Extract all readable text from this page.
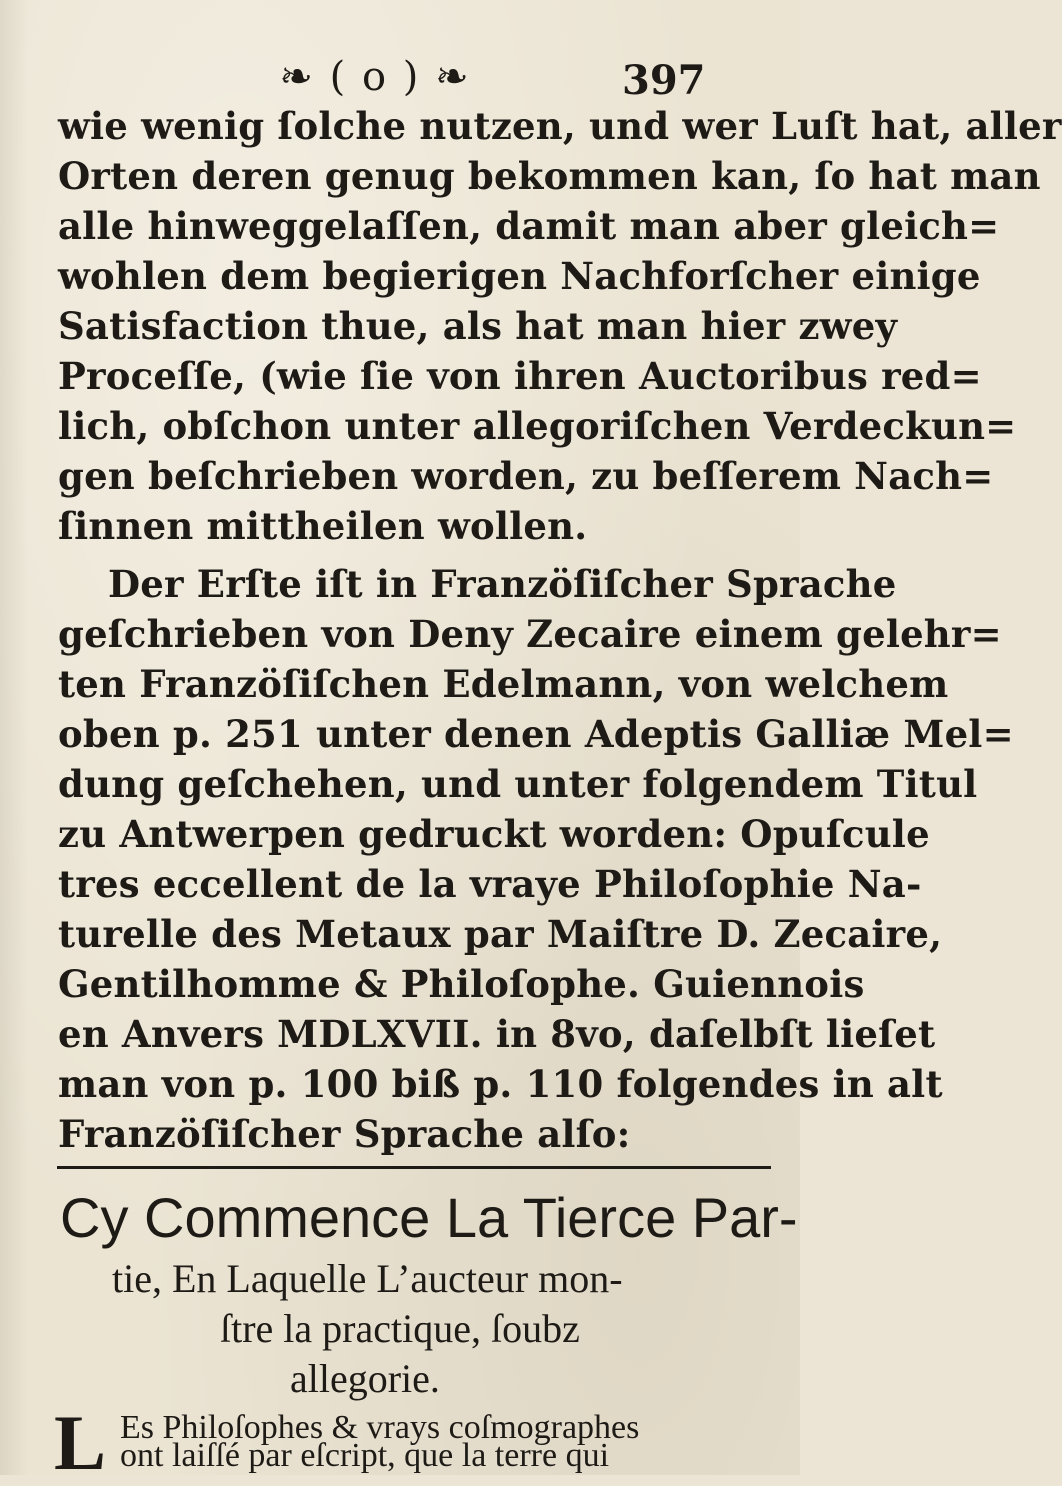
❧ ( o ) ❧	397
wie wenig ſolche nutzen, und wer Luſt hat, aller
Orten deren genug bekommen kan, ſo hat man
alle hinweggelaſſen, damit man aber gleich=
wohlen dem begierigen Nachforſcher einige
Satisfaction thue, als hat man hier zwey
Proceſſe, (wie ſie von ihren Auctoribus red=
lich, obſchon unter allegoriſchen Verdeckun=
gen beſchrieben worden, zu beſſerem Nach=
ſinnen mittheilen wollen.
Der Erſte iſt in Franzöſiſcher Sprache
geſchrieben von Deny Zecaire einem gelehr=
ten Franzöſiſchen Edelmann, von welchem
oben p. 251 unter denen Adeptis Galliæ Mel=
dung geſchehen, und unter folgendem Titul
zu Antwerpen gedruckt worden: Opuſcule
tres eccellent de la vraye Philoſophie Na-
turelle des Metaux par Maiſtre D. Zecaire,
Gentilhomme & Philoſophe. Guiennois
en Anvers MDLXVII. in 8vo, daſelbſt lieſet
man von p. 100 biß p. 110 folgendes in alt
Franzöſiſcher Sprache alſo:
Cy Commence La Tierce Par-
tie, En Laquelle L’aucteur mon-
ſtre la practique, ſoubz
allegorie.
L Es Philoſophes & vrays coſmographes
ont laiſſé par eſcript, que la terre qui
